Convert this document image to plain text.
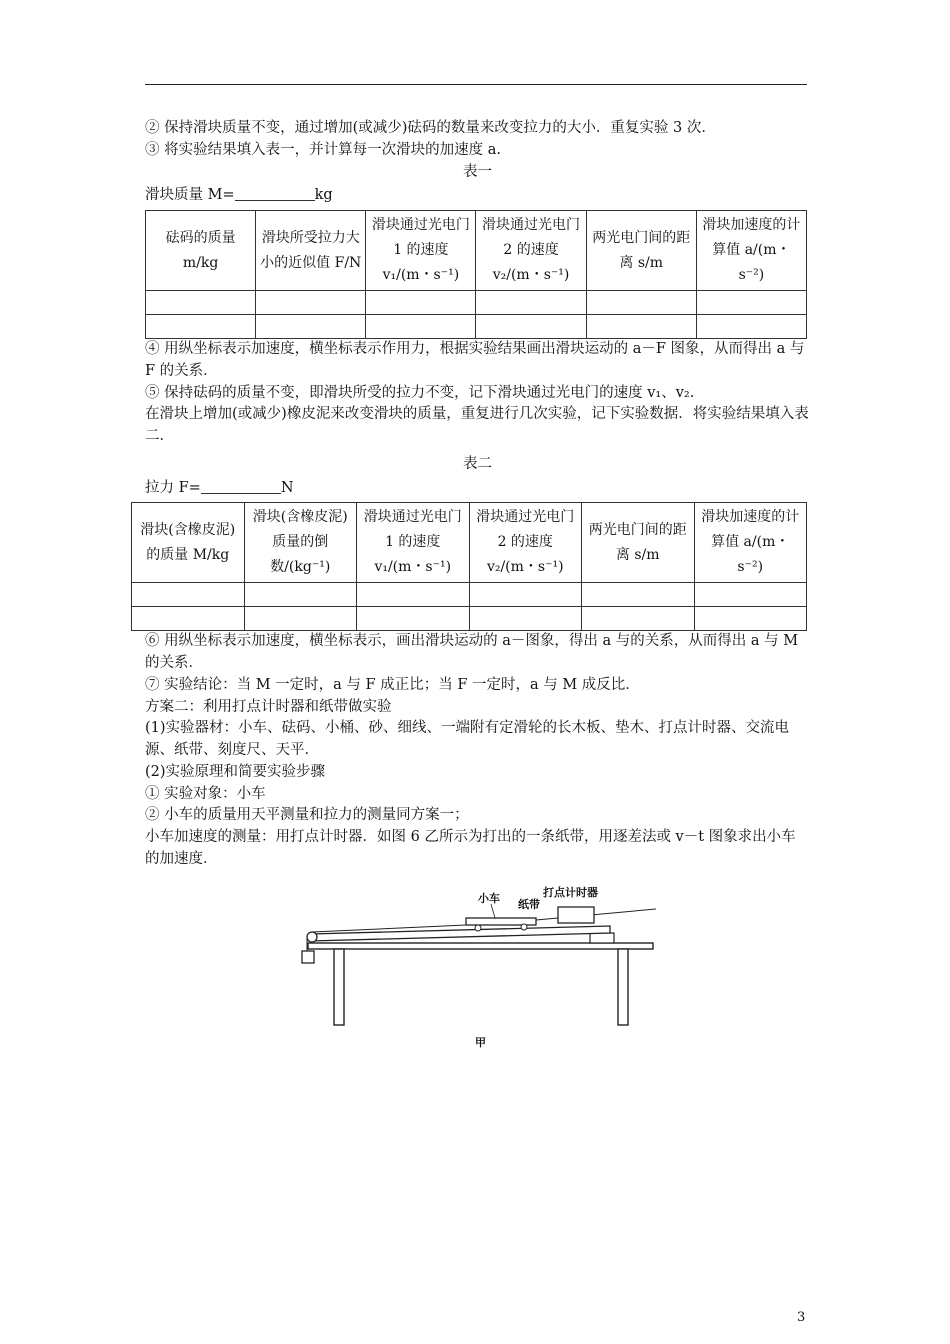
② 保持滑块质量不变，通过增加(或减少)砝码的数量来改变拉力的大小．重复实验 3 次．

③ 将实验结果填入表一，并计算每一次滑块的加速度 a.

表一

滑块质量 M=	kg

砝码的质量 m/kg	滑块所受拉力大小的近似值 F/N	滑块通过光电门 1 的速度 v₁/(m・s⁻¹)	滑块通过光电门 2 的速度 v₂/(m・s⁻¹)	两光电门间的距离 s/m	滑块加速度的计算值 a/(m・s⁻²)

④ 用纵坐标表示加速度，横坐标表示作用力，根据实验结果画出滑块运动的 a－F 图象，从而得出 a 与 F 的关系．

⑤ 保持砝码的质量不变，即滑块所受的拉力不变，记下滑块通过光电门的速度 v₁、v₂.

在滑块上增加(或减少)橡皮泥来改变滑块的质量，重复进行几次实验，记下实验数据．将实验结果填入表二．

表二

拉力 F=	N

滑块(含橡皮泥)的质量 M/kg	滑块(含橡皮泥)质量的倒数/(kg⁻¹)	滑块通过光电门 1 的速度 v₁/(m・s⁻¹)	滑块通过光电门 2 的速度 v₂/(m・s⁻¹)	两光电门间的距离 s/m	滑块加速度的计算值 a/(m・s⁻²)

⑥ 用纵坐标表示加速度，横坐标表示，画出滑块运动的 a－图象，得出 a 与的关系，从而得出 a 与 M 的关系．

⑦ 实验结论：当 M 一定时，a 与 F 成正比；当 F 一定时，a 与 M 成反比．

方案二：利用打点计时器和纸带做实验

(1)实验器材：小车、砝码、小桶、砂、细线、一端附有定滑轮的长木板、垫木、打点计时器、交流电源、纸带、刻度尺、天平．

(2)实验原理和简要实验步骤

① 实验对象：小车

② 小车的质量用天平测量和拉力的测量同方案一；

小车加速度的测量：用打点计时器．如图 6 乙所示为打出的一条纸带，用逐差法或 v－t 图象求出小车的加速度．

打点计时器
小车 纸带
甲
3
